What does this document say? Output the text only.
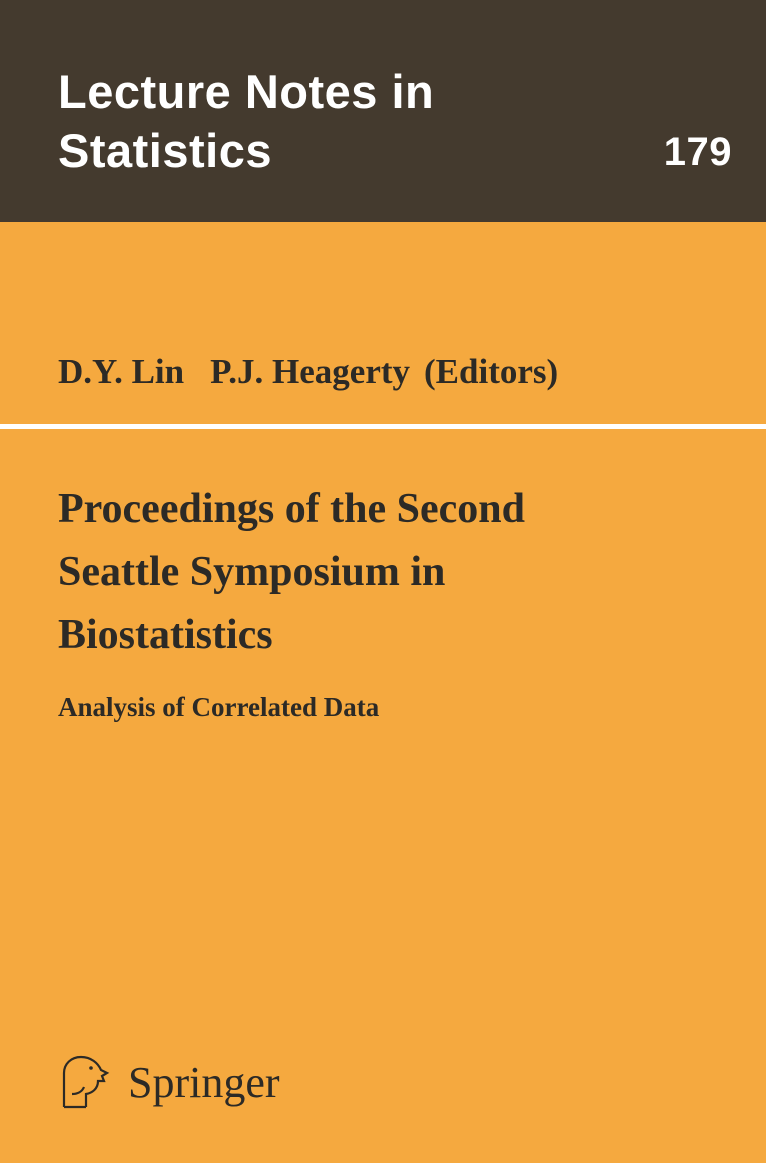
Lecture Notes in
Statistics	179
D.Y. Lin P.J. Heagerty (Editors)
Proceedings of the Second
Seattle Symposium in
Biostatistics
Analysis of Correlated Data
Springer
